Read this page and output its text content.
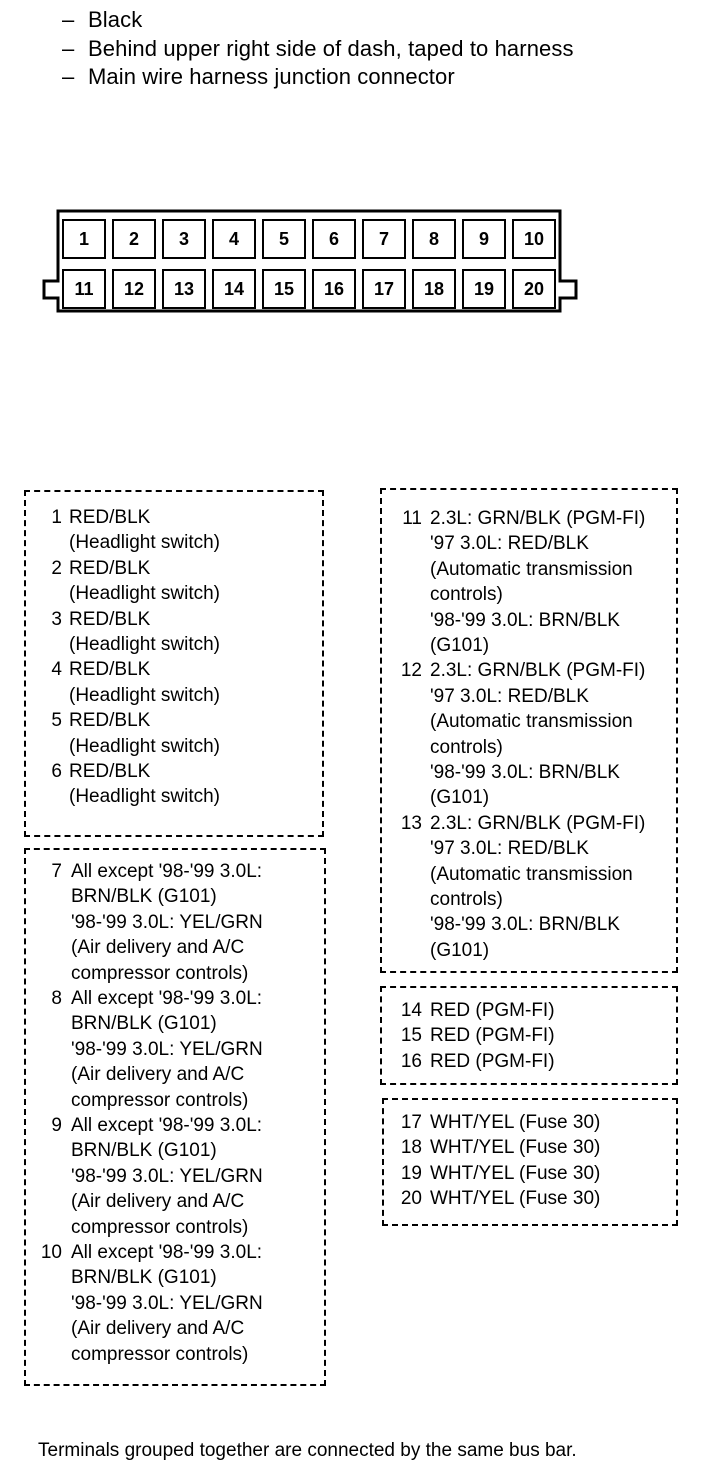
– Black
– Behind upper right side of dash, taped to harness
– Main wire harness junction connector
1	2	3	4	5	6	7	8	9	10
11	12	13	14	15	16	17	18	19	20
1 RED/BLK
(Headlight switch)
2 RED/BLK
(Headlight switch)
3 RED/BLK
(Headlight switch)
4 RED/BLK
(Headlight switch)
5 RED/BLK
(Headlight switch)
6 RED/BLK
(Headlight switch)
7 All except '98-'99 3.0L:
BRN/BLK (G101)
'98-'99 3.0L: YEL/GRN
(Air delivery and A/C
compressor controls)
8 All except '98-'99 3.0L:
BRN/BLK (G101)
'98-'99 3.0L: YEL/GRN
(Air delivery and A/C
compressor controls)
9 All except '98-'99 3.0L:
BRN/BLK (G101)
'98-'99 3.0L: YEL/GRN
(Air delivery and A/C
compressor controls)
10 All except '98-'99 3.0L:
BRN/BLK (G101)
'98-'99 3.0L: YEL/GRN
(Air delivery and A/C
compressor controls)
11 2.3L: GRN/BLK (PGM-FI)
'97 3.0L: RED/BLK
(Automatic transmission
controls)
'98-'99 3.0L: BRN/BLK
(G101)
12 2.3L: GRN/BLK (PGM-FI)
'97 3.0L: RED/BLK
(Automatic transmission
controls)
'98-'99 3.0L: BRN/BLK
(G101)
13 2.3L: GRN/BLK (PGM-FI)
'97 3.0L: RED/BLK
(Automatic transmission
controls)
'98-'99 3.0L: BRN/BLK
(G101)
14 RED (PGM-FI)
15 RED (PGM-FI)
16 RED (PGM-FI)
17 WHT/YEL (Fuse 30)
18 WHT/YEL (Fuse 30)
19 WHT/YEL (Fuse 30)
20 WHT/YEL (Fuse 30)
Terminals grouped together are connected by the same bus bar.
